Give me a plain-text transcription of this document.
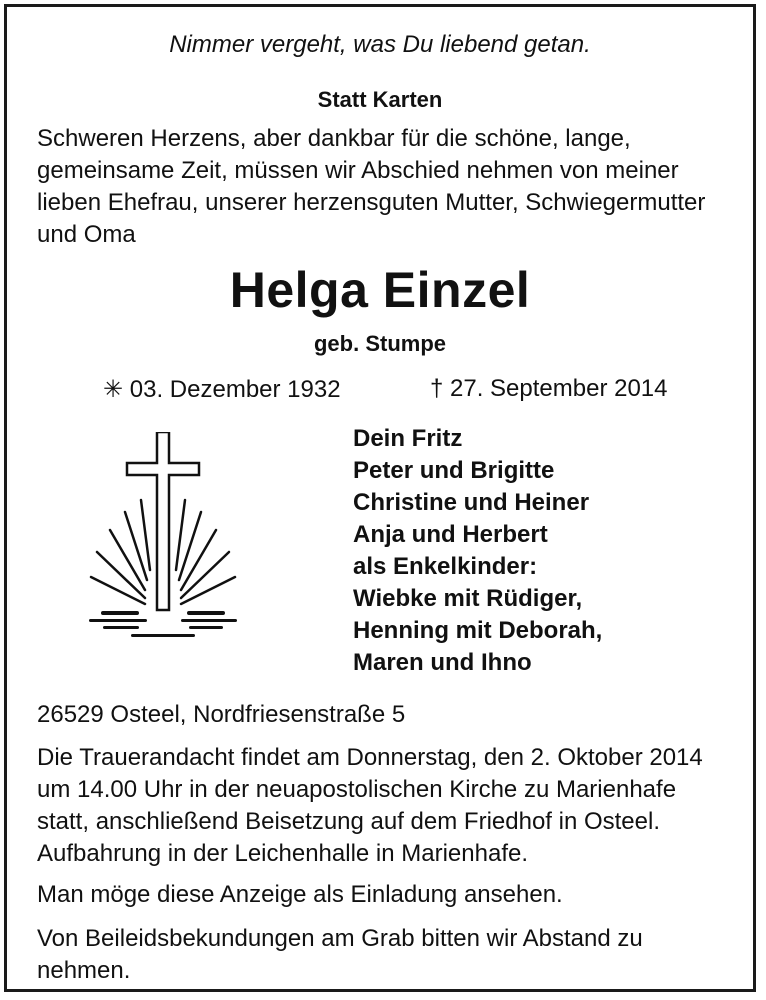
Nimmer vergeht, was Du liebend getan.
Statt Karten
Schweren Herzens, aber dankbar für die schöne, lange,
gemeinsame Zeit, müssen wir Abschied nehmen von meiner
lieben Ehefrau, unserer herzensguten Mutter, Schwiegermutter
und Oma
Helga Einzel
geb. Stumpe
✳ 03. Dezember 1932	† 27. September 2014
Dein Fritz
Peter und Brigitte
Christine und Heiner
Anja und Herbert
als Enkelkinder:
Wiebke mit Rüdiger,
Henning mit Deborah,
Maren und Ihno
26529 Osteel, Nordfriesenstraße 5
Die Trauerandacht findet am Donnerstag, den 2. Oktober 2014
um 14.00 Uhr in der neuapostolischen Kirche zu Marienhafe
statt, anschließend Beisetzung auf dem Friedhof in Osteel.
Aufbahrung in der Leichenhalle in Marienhafe.
Man möge diese Anzeige als Einladung ansehen.
Von Beileidsbekundungen am Grab bitten wir Abstand zu
nehmen.
